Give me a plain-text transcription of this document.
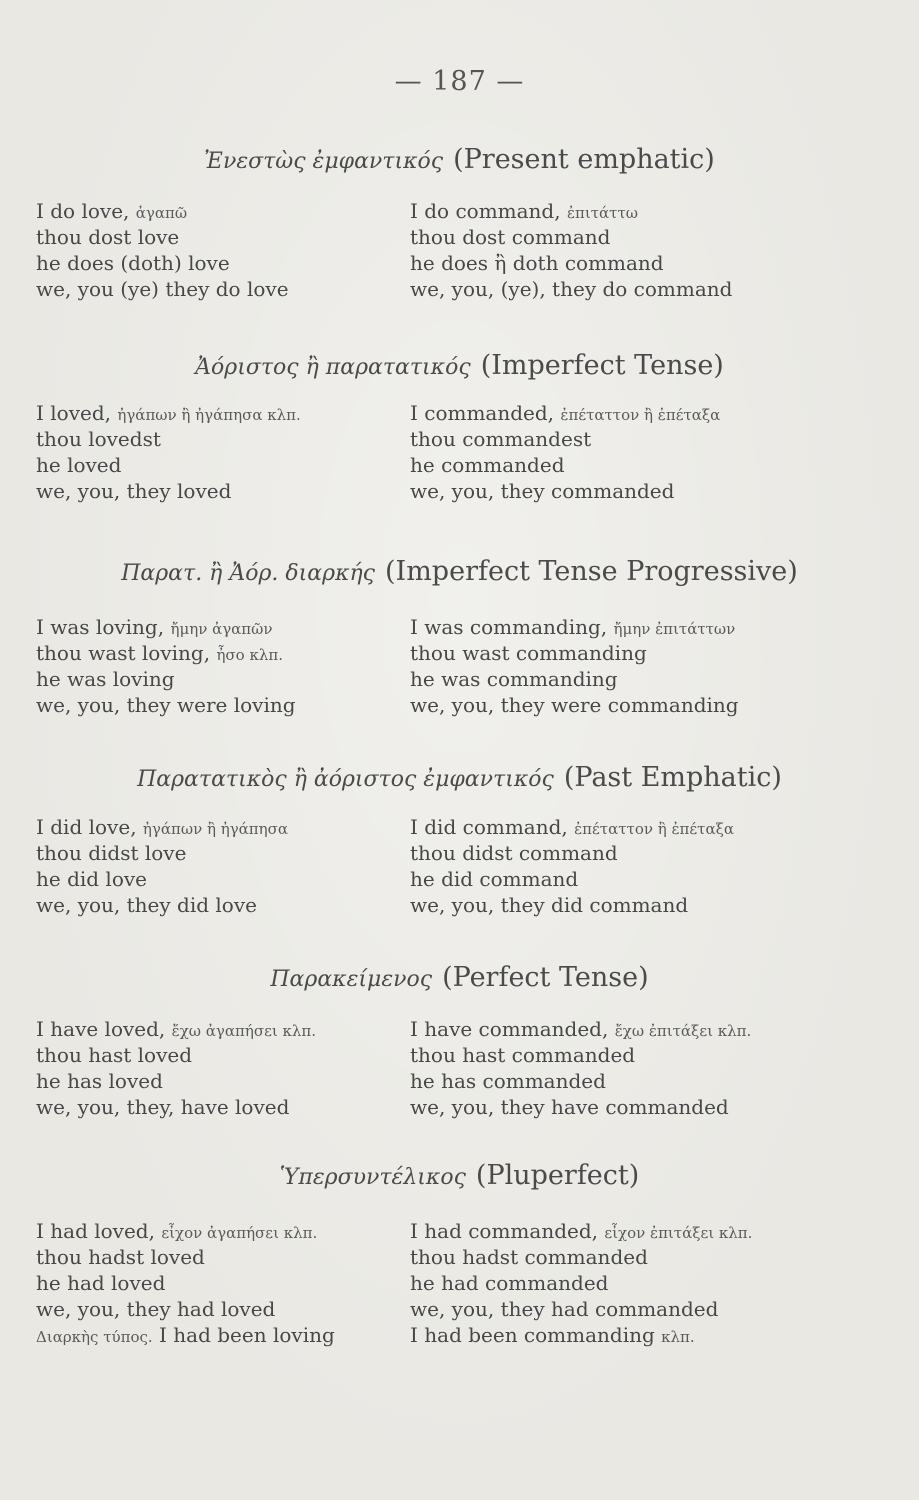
— 187 —
Ἐνεστὼς ἐμφαντικός (Present emphatic)
I do love, ἀγαπῶ
thou dost love
he does (doth) love
we, you (ye) they do love
I do command, ἐπιτάττω
thou dost command
he does ἢ doth command
we, you, (ye), they do command
Ἀόριστος ἢ παρατατικός (Imperfect Tense)
I loved, ἠγάπων ἢ ἠγάπησα κλπ.
thou lovedst
he loved
we, you, they loved
I commanded, ἐπέταττον ἢ ἐπέταξα
thou commandest
he commanded
we, you, they commanded
Παρατ. ἢ Ἀόρ. διαρκής (Imperfect Tense Progressive)
I was loving, ἤμην ἀγαπῶν
thou wast loving, ἦσο κλπ.
he was loving
we, you, they were loving
I was commanding, ἤμην ἐπιτάττων
thou wast commanding
he was commanding
we, you, they were commanding
Παρατατικὸς ἢ ἀόριστος ἐμφαντικός (Past Emphatic)
I did love, ἠγάπων ἢ ἠγάπησα
thou didst love
he did love
we, you, they did love
I did command, ἐπέταττον ἢ ἐπέταξα
thou didst command
he did command
we, you, they did command
Παρακείμενος (Perfect Tense)
I have loved, ἔχω ἀγαπήσει κλπ.
thou hast loved
he has loved
we, you, they, have loved
I have commanded, ἔχω ἐπιτάξει κλπ.
thou hast commanded
he has commanded
we, you, they have commanded
Ὑπερσυντέλικος (Pluperfect)
I had loved, εἶχον ἀγαπήσει κλπ.
thou hadst loved
he had loved
we, you, they had loved
Διαρκὴς τύπος. I had been loving
I had commanded, εἶχον ἐπιτάξει κλπ.
thou hadst commanded
he had commanded
we, you, they had commanded
I had been commanding κλπ.
